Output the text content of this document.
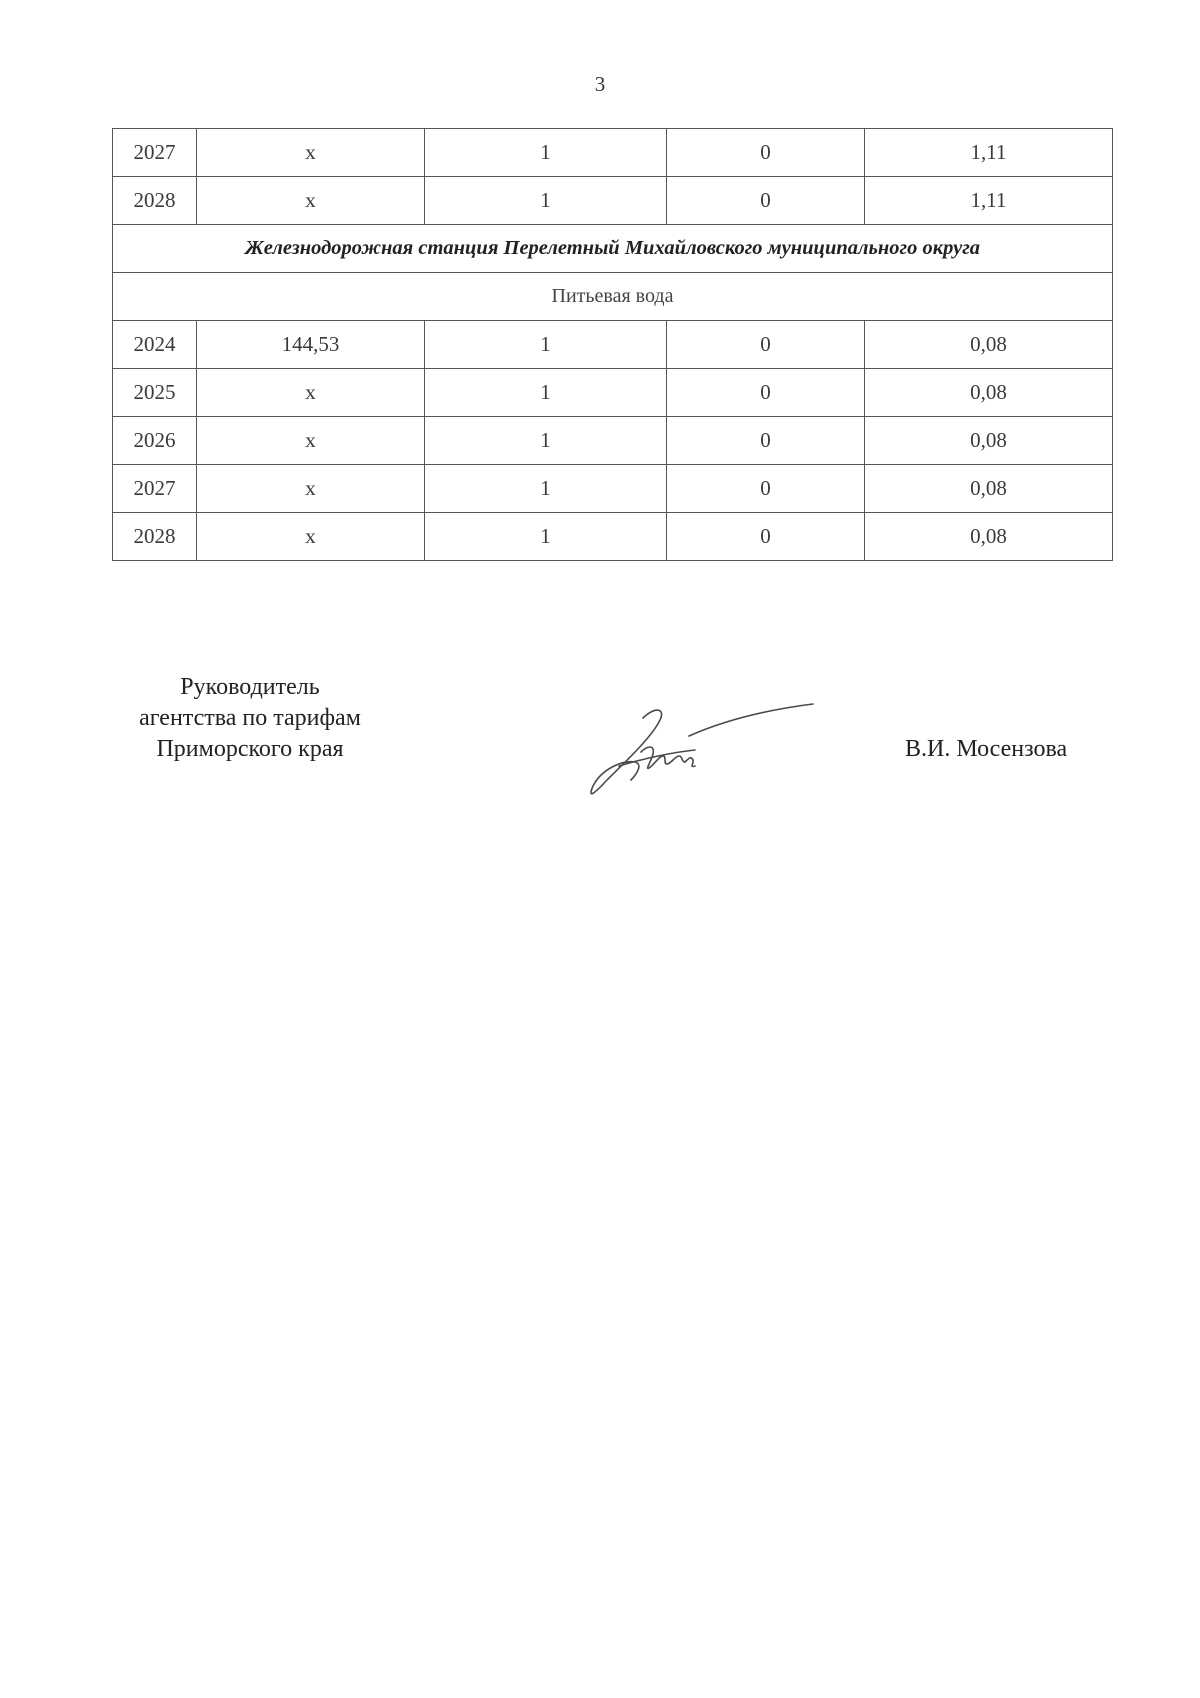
3
2027	х	1	0	1,11
2028	х	1	0	1,11
Железнодорожная станция Перелетный Михайловского муниципального округа				
Питьевая вода				
2024	144,53	1	0	0,08
2025	х	1	0	0,08
2026	х	1	0	0,08
2027	х	1	0	0,08
2028	х	1	0	0,08
Руководитель
агентства по тарифам
Приморского края	В.И. Мосензова
